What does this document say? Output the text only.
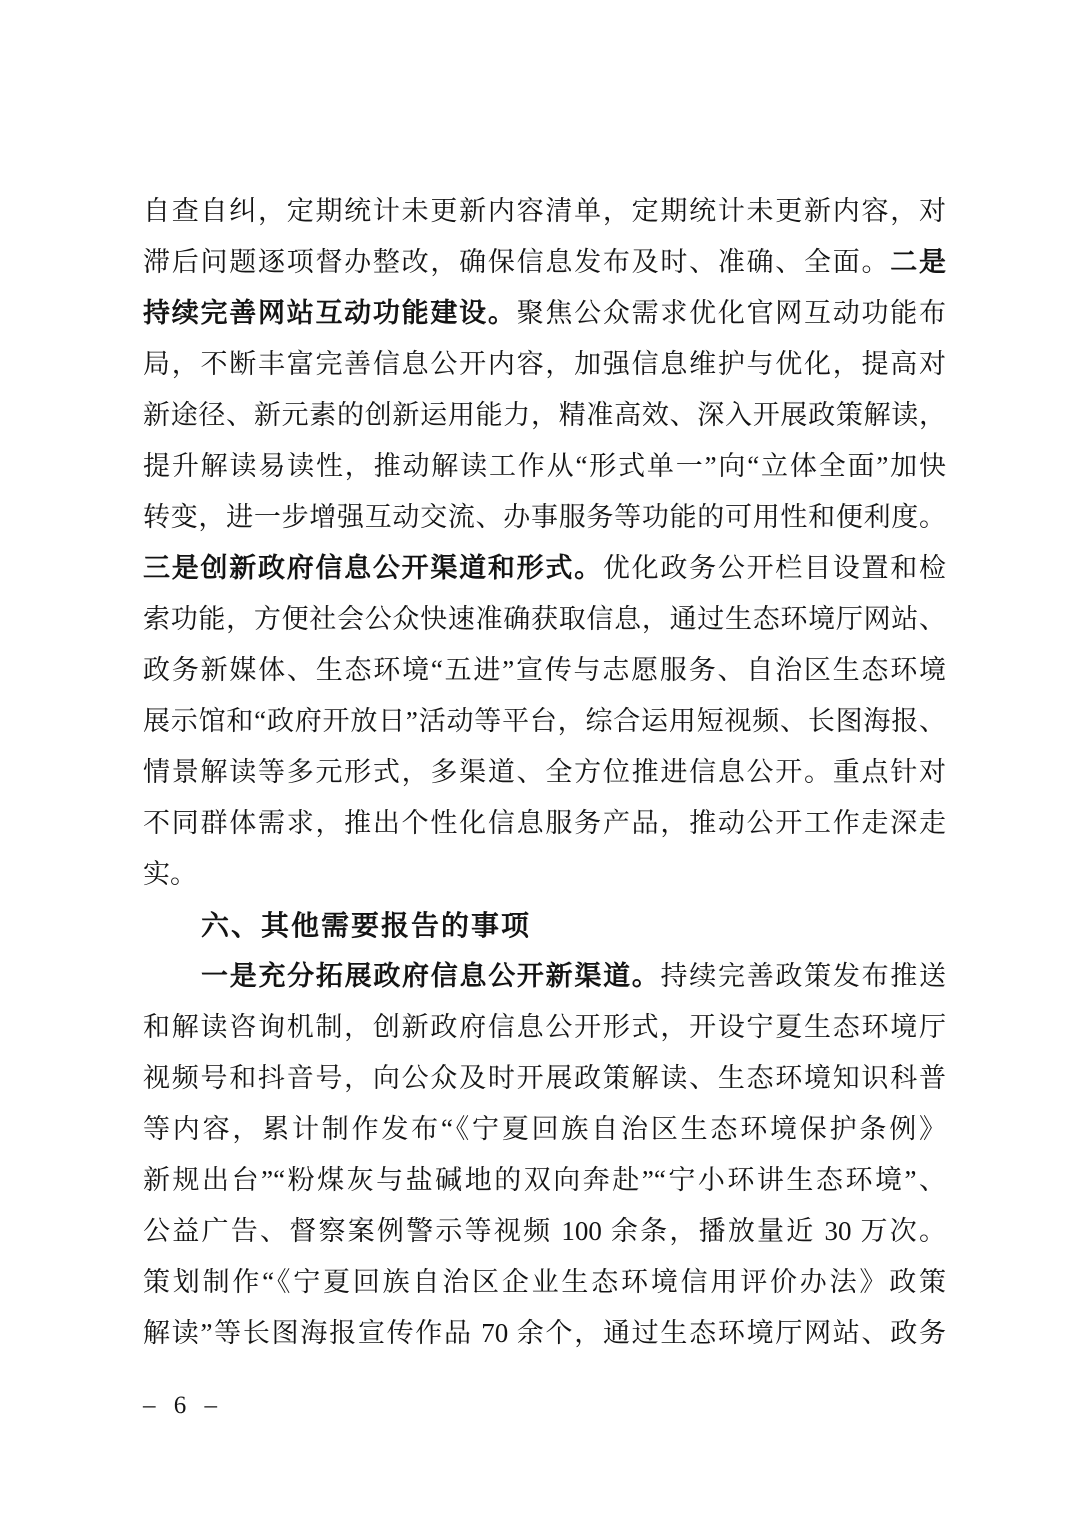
自查自纠，定期统计未更新内容清单，定期统计未更新内容，对
滞后问题逐项督办整改，确保信息发布及时、准确、全面。二是
持续完善网站互动功能建设。聚焦公众需求优化官网互动功能布
局，不断丰富完善信息公开内容，加强信息维护与优化，提高对
新途径、新元素的创新运用能力，精准高效、深入开展政策解读，
提升解读易读性，推动解读工作从“形式单一”向“立体全面”加快
转变，进一步增强互动交流、办事服务等功能的可用性和便利度。
三是创新政府信息公开渠道和形式。优化政务公开栏目设置和检
索功能，方便社会公众快速准确获取信息，通过生态环境厅网站、
政务新媒体、生态环境“五进”宣传与志愿服务、自治区生态环境
展示馆和“政府开放日”活动等平台，综合运用短视频、长图海报、
情景解读等多元形式，多渠道、全方位推进信息公开。重点针对
不同群体需求，推出个性化信息服务产品，推动公开工作走深走
实。
六、其他需要报告的事项
一是充分拓展政府信息公开新渠道。持续完善政策发布推送
和解读咨询机制，创新政府信息公开形式，开设宁夏生态环境厅
视频号和抖音号，向公众及时开展政策解读、生态环境知识科普
等内容，累计制作发布“《宁夏回族自治区生态环境保护条例》
新规出台”“粉煤灰与盐碱地的双向奔赴”“宁小环讲生态环境”、
公益广告、督察案例警示等视频 100 余条，播放量近 30 万次。
策划制作“《宁夏回族自治区企业生态环境信用评价办法》政策
解读”等长图海报宣传作品 70 余个，通过生态环境厅网站、政务
– 6 –
